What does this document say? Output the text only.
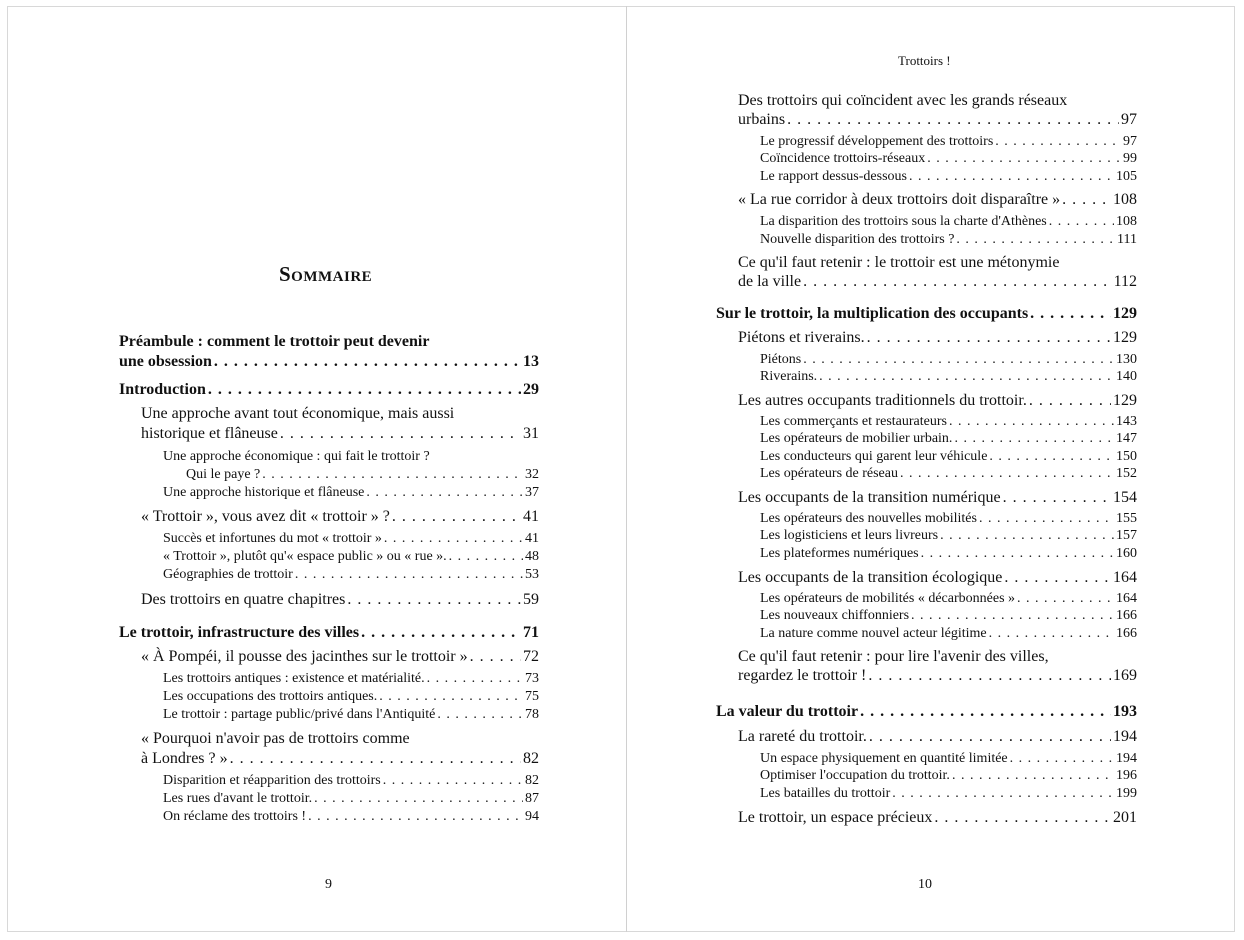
Sommaire
Préambule : comment le trottoir peut devenir
une obsession . . .	13
Introduction . . .	29
Une approche avant tout économique, mais aussi
historique et flâneuse . . .	31
Une approche économique : qui fait le trottoir ?
Qui le paye ? . . .	32
Une approche historique et flâneuse . . .	37
« Trottoir », vous avez dit « trottoir » ? . . .	41
Succès et infortunes du mot « trottoir » . . .	41
« Trottoir », plutôt qu'« espace public » ou « rue ». . . .	48
Géographies de trottoir . . .	53
Des trottoirs en quatre chapitres . . .	59
Le trottoir, infrastructure des villes . . .	71
« À Pompéi, il pousse des jacinthes sur le trottoir » . . .	72
Les trottoirs antiques : existence et matérialité. . . .	73
Les occupations des trottoirs antiques. . . .	75
Le trottoir : partage public/privé dans l'Antiquité . . .	78
« Pourquoi n'avoir pas de trottoirs comme
à Londres ? » . . .	82
Disparition et réapparition des trottoirs . . .	82
Les rues d'avant le trottoir. . . .	87
On réclame des trottoirs ! . . .	94
9
Trottoirs !
Des trottoirs qui coïncident avec les grands réseaux
urbains . . .	97
Le progressif développement des trottoirs . . .	97
Coïncidence trottoirs-réseaux . . .	99
Le rapport dessus-dessous . . .	105
« La rue corridor à deux trottoirs doit disparaître » . . .	108
La disparition des trottoirs sous la charte d'Athènes . . .	108
Nouvelle disparition des trottoirs ? . . .	111
Ce qu'il faut retenir : le trottoir est une métonymie
de la ville . . .	112
Sur le trottoir, la multiplication des occupants . . .	129
Piétons et riverains. . . .	129
Piétons . . .	130
Riverains. . . .	140
Les autres occupants traditionnels du trottoir. . . .	129
Les commerçants et restaurateurs . . .	143
Les opérateurs de mobilier urbain. . . .	147
Les conducteurs qui garent leur véhicule . . .	150
Les opérateurs de réseau . . .	152
Les occupants de la transition numérique . . .	154
Les opérateurs des nouvelles mobilités . . .	155
Les logisticiens et leurs livreurs . . .	157
Les plateformes numériques . . .	160
Les occupants de la transition écologique . . .	164
Les opérateurs de mobilités « décarbonnées » . . .	164
Les nouveaux chiffonniers . . .	166
La nature comme nouvel acteur légitime . . .	166
Ce qu'il faut retenir : pour lire l'avenir des villes,
regardez le trottoir ! . . .	169
La valeur du trottoir . . .	193
La rareté du trottoir. . . .	194
Un espace physiquement en quantité limitée . . .	194
Optimiser l'occupation du trottoir. . . .	196
Les batailles du trottoir . . .	199
Le trottoir, un espace précieux . . .	201
10
